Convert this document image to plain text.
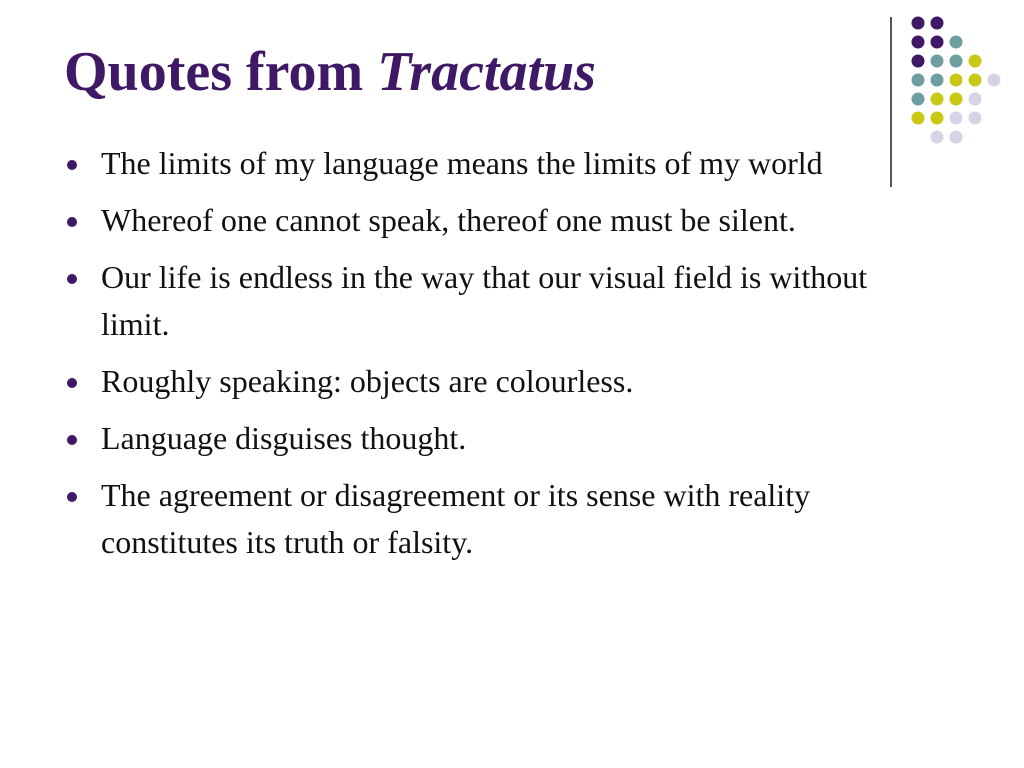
Quotes from Tractatus
The limits of my language means the limits of my world
Whereof one cannot speak, thereof one must be silent.
Our life is endless in the way that our visual field is without limit.
Roughly speaking: objects are colourless.
Language disguises thought.
The agreement or disagreement or its sense with reality constitutes its truth or falsity.
